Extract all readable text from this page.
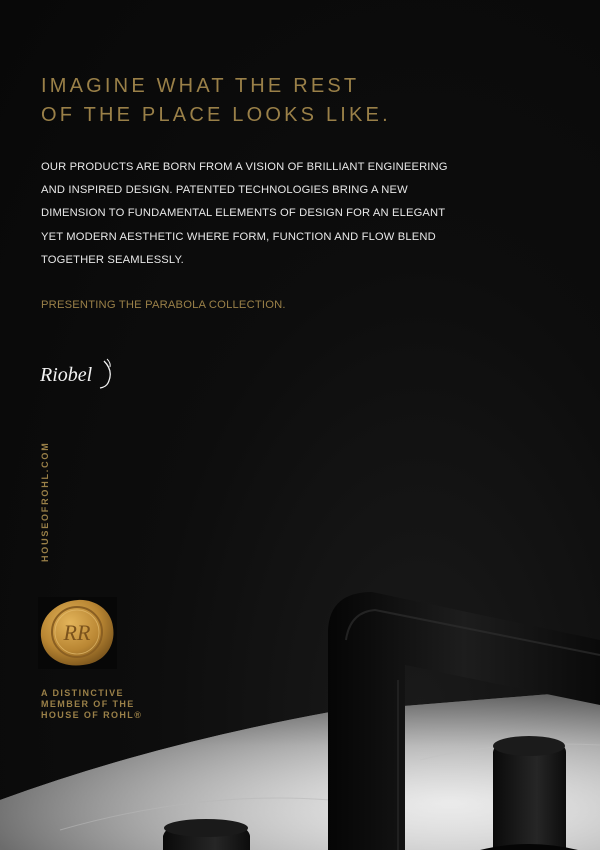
IMAGINE WHAT THE REST
OF THE PLACE LOOKS LIKE.

OUR PRODUCTS ARE BORN FROM A VISION OF BRILLIANT ENGINEERING
AND INSPIRED DESIGN. PATENTED TECHNOLOGIES BRING A NEW
DIMENSION TO FUNDAMENTAL ELEMENTS OF DESIGN FOR AN ELEGANT
YET MODERN AESTHETIC WHERE FORM, FUNCTION AND FLOW BLEND
TOGETHER SEAMLESSLY.

PRESENTING THE PARABOLA COLLECTION.

Riobel
HOUSEOFROHL.COM
RR

A DISTINCTIVE
MEMBER OF THE
HOUSE OF ROHL®
